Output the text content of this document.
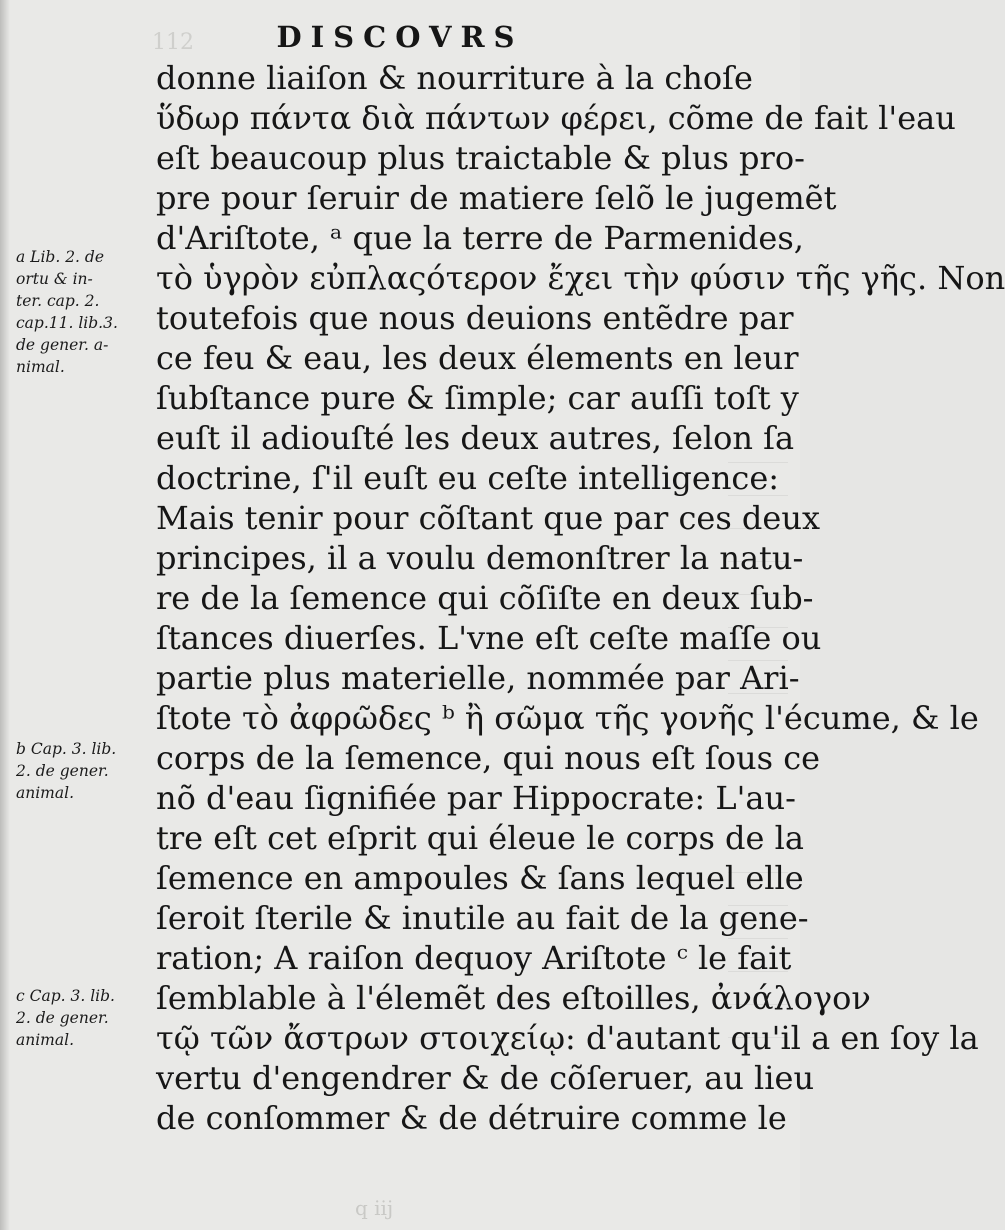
112	DISCOVRS
donne liaiſon & nourriture à la choſe
ὕδωρ πάντα διὰ πάντων φέρει, cõme de fait l'eau
eſt beaucoup plus traictable & plus pro-
pre pour ſeruir de matiere ſelõ le jugemẽt
d'Ariſtote, ᵃ que la terre de Parmenides,
τὸ ὑγρὸν εὐπλαςότερον ἔχει τὴν φύσιν τῆς γῆς. Non
toutefois que nous deuions entẽdre par
ce feu & eau, les deux élements en leur
ſubſtance pure & ſimple; car auſſi toſt y
euſt il adiouſté les deux autres, ſelon ſa
doctrine, ſ'il euſt eu ceſte intelligence:
Mais tenir pour cõſtant que par ces deux
principes, il a voulu demonſtrer la natu-
re de la ſemence qui cõſiſte en deux ſub-
ſtances diuerſes. L'vne eſt ceſte maſſe ou
partie plus materielle, nommée par Ari-
ſtote τὸ ἀφρῶδες ᵇ ἢ σῶμα τῆς γονῆς l'écume, & le
corps de la ſemence, qui nous eſt ſous ce
nõ d'eau ſignifiée par Hippocrate: L'au-
tre eſt cet eſprit qui éleue le corps de la
ſemence en ampoules & ſans lequel elle
ſeroit ſterile & inutile au fait de la gene-
ration; A raiſon dequoy Ariſtote ᶜ le fait
ſemblable à l'élemẽt des eſtoilles, ἀνάλογον
τῷ τῶν ἄστρων στοιχείῳ: d'autant qu'il a en ſoy la
vertu d'engendrer & de cõſeruer, au lieu
de conſommer & de détruire comme le
a Lib. 2. de
ortu & in-
ter. cap. 2.
cap.11. lib.3.
de gener. a-
nimal.
b Cap. 3. lib.
2. de gener.
animal.
c Cap. 3. lib.
2. de gener.
animal.
q iij
